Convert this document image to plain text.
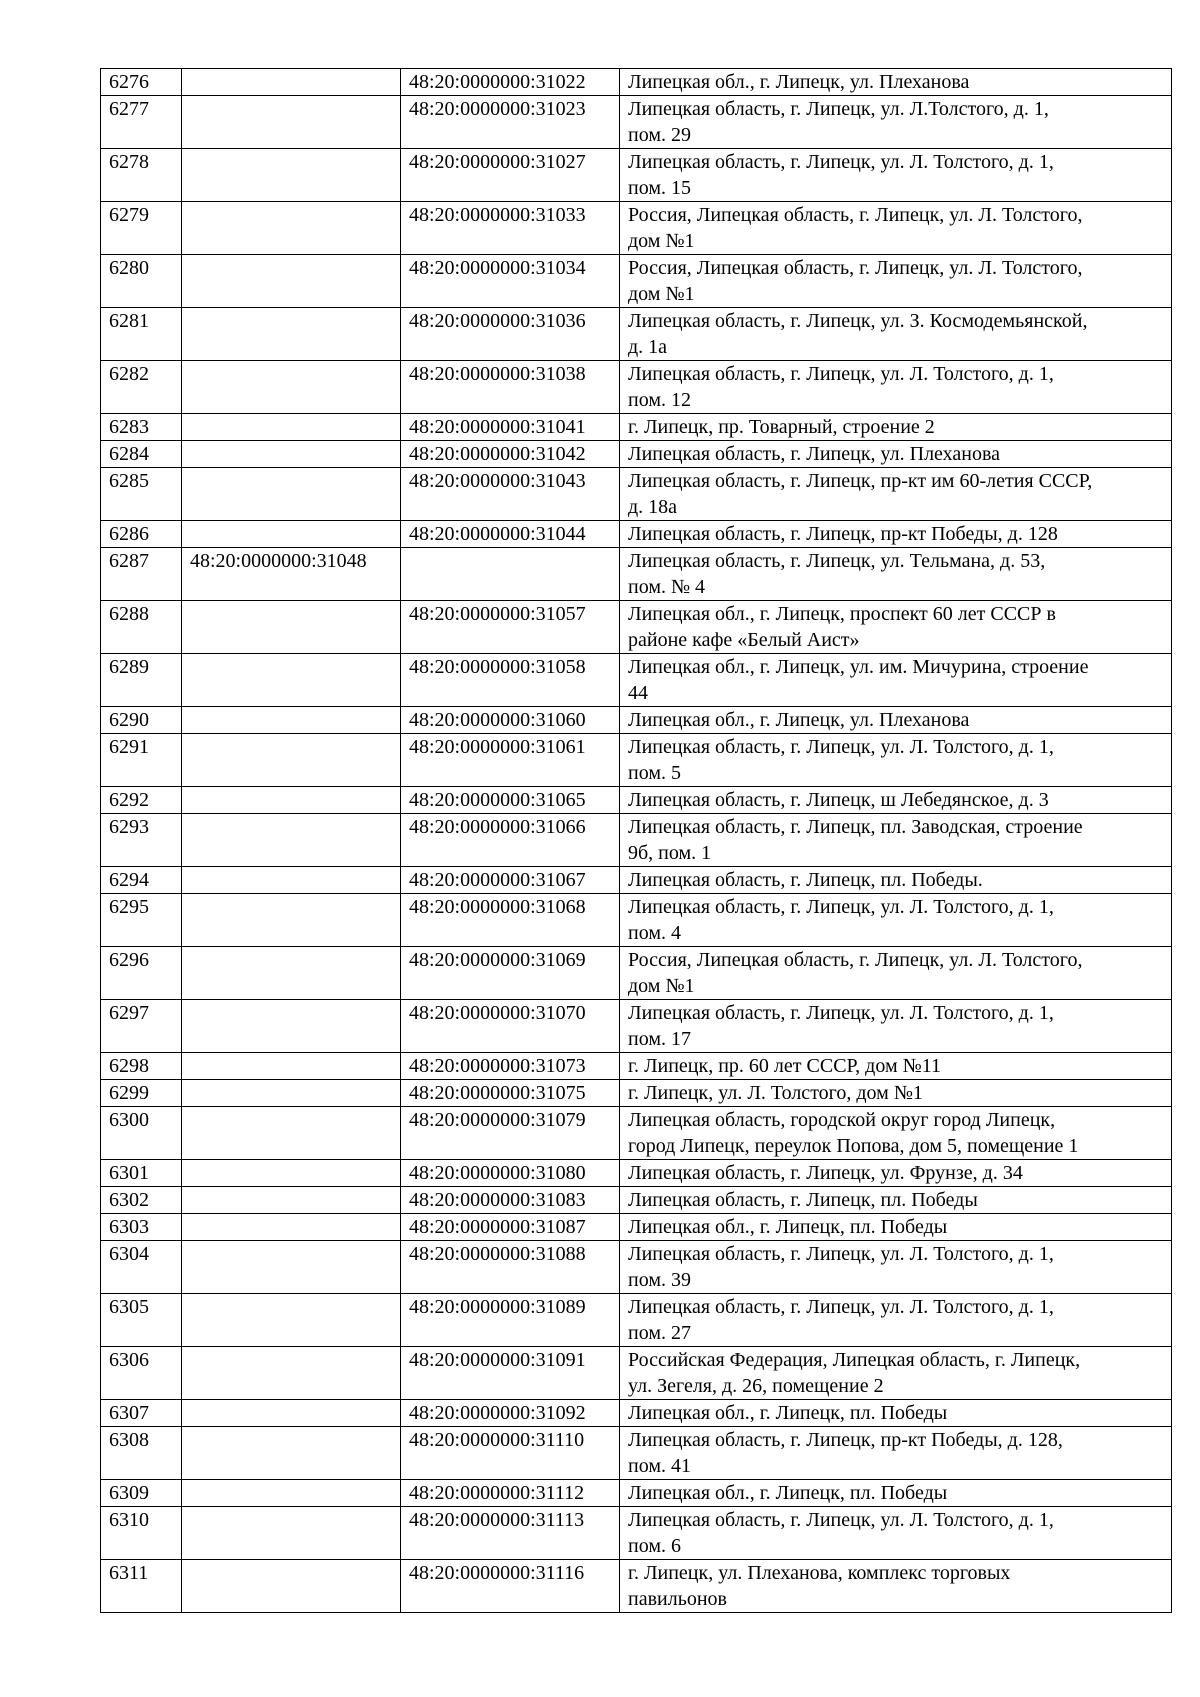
6276		48:20:0000000:31022	Липецкая обл., г. Липецк, ул. Плеханова
6277		48:20:0000000:31023	Липецкая область, г. Липецк, ул. Л.Толстого, д. 1,
пом. 29
6278		48:20:0000000:31027	Липецкая область, г. Липецк, ул. Л. Толстого, д. 1,
пом. 15
6279		48:20:0000000:31033	Россия, Липецкая область, г. Липецк, ул. Л. Толстого,
дом №1
6280		48:20:0000000:31034	Россия, Липецкая область, г. Липецк, ул. Л. Толстого,
дом №1
6281		48:20:0000000:31036	Липецкая область, г. Липецк, ул. З. Космодемьянской,
д. 1а
6282		48:20:0000000:31038	Липецкая область, г. Липецк, ул. Л. Толстого, д. 1,
пом. 12
6283		48:20:0000000:31041	г. Липецк, пр. Товарный, строение 2
6284		48:20:0000000:31042	Липецкая область, г. Липецк, ул. Плеханова
6285		48:20:0000000:31043	Липецкая область, г. Липецк, пр-кт им 60-летия СССР,
д. 18а
6286		48:20:0000000:31044	Липецкая область, г. Липецк, пр-кт Победы, д. 128
6287	48:20:0000000:31048		Липецкая область, г. Липецк, ул. Тельмана, д. 53,
пом. № 4
6288		48:20:0000000:31057	Липецкая обл., г. Липецк, проспект 60 лет СССР в
районе кафе «Белый Аист»
6289		48:20:0000000:31058	Липецкая обл., г. Липецк, ул. им. Мичурина, строение
44
6290		48:20:0000000:31060	Липецкая обл., г. Липецк, ул. Плеханова
6291		48:20:0000000:31061	Липецкая область, г. Липецк, ул. Л. Толстого, д. 1,
пом. 5
6292		48:20:0000000:31065	Липецкая область, г. Липецк, ш Лебедянское, д. 3
6293		48:20:0000000:31066	Липецкая область, г. Липецк, пл. Заводская, строение
9б, пом. 1
6294		48:20:0000000:31067	Липецкая область, г. Липецк, пл. Победы.
6295		48:20:0000000:31068	Липецкая область, г. Липецк, ул. Л. Толстого, д. 1,
пом. 4
6296		48:20:0000000:31069	Россия, Липецкая область, г. Липецк, ул. Л. Толстого,
дом №1
6297		48:20:0000000:31070	Липецкая область, г. Липецк, ул. Л. Толстого, д. 1,
пом. 17
6298		48:20:0000000:31073	г. Липецк, пр. 60 лет СССР, дом №11
6299		48:20:0000000:31075	г. Липецк, ул. Л. Толстого, дом №1
6300		48:20:0000000:31079	Липецкая область, городской округ город Липецк,
город Липецк, переулок Попова, дом 5, помещение 1
6301		48:20:0000000:31080	Липецкая область, г. Липецк, ул. Фрунзе, д. 34
6302		48:20:0000000:31083	Липецкая область, г. Липецк, пл. Победы
6303		48:20:0000000:31087	Липецкая обл., г. Липецк, пл. Победы
6304		48:20:0000000:31088	Липецкая область, г. Липецк, ул. Л. Толстого, д. 1,
пом. 39
6305		48:20:0000000:31089	Липецкая область, г. Липецк, ул. Л. Толстого, д. 1,
пом. 27
6306		48:20:0000000:31091	Российская Федерация, Липецкая область, г. Липецк,
ул. Зегеля, д. 26, помещение 2
6307		48:20:0000000:31092	Липецкая обл., г. Липецк, пл. Победы
6308		48:20:0000000:31110	Липецкая область, г. Липецк, пр-кт Победы, д. 128,
пом. 41
6309		48:20:0000000:31112	Липецкая обл., г. Липецк, пл. Победы
6310		48:20:0000000:31113	Липецкая область, г. Липецк, ул. Л. Толстого, д. 1,
пом. 6
6311		48:20:0000000:31116	г. Липецк, ул. Плеханова, комплекс торговых
павильонов
